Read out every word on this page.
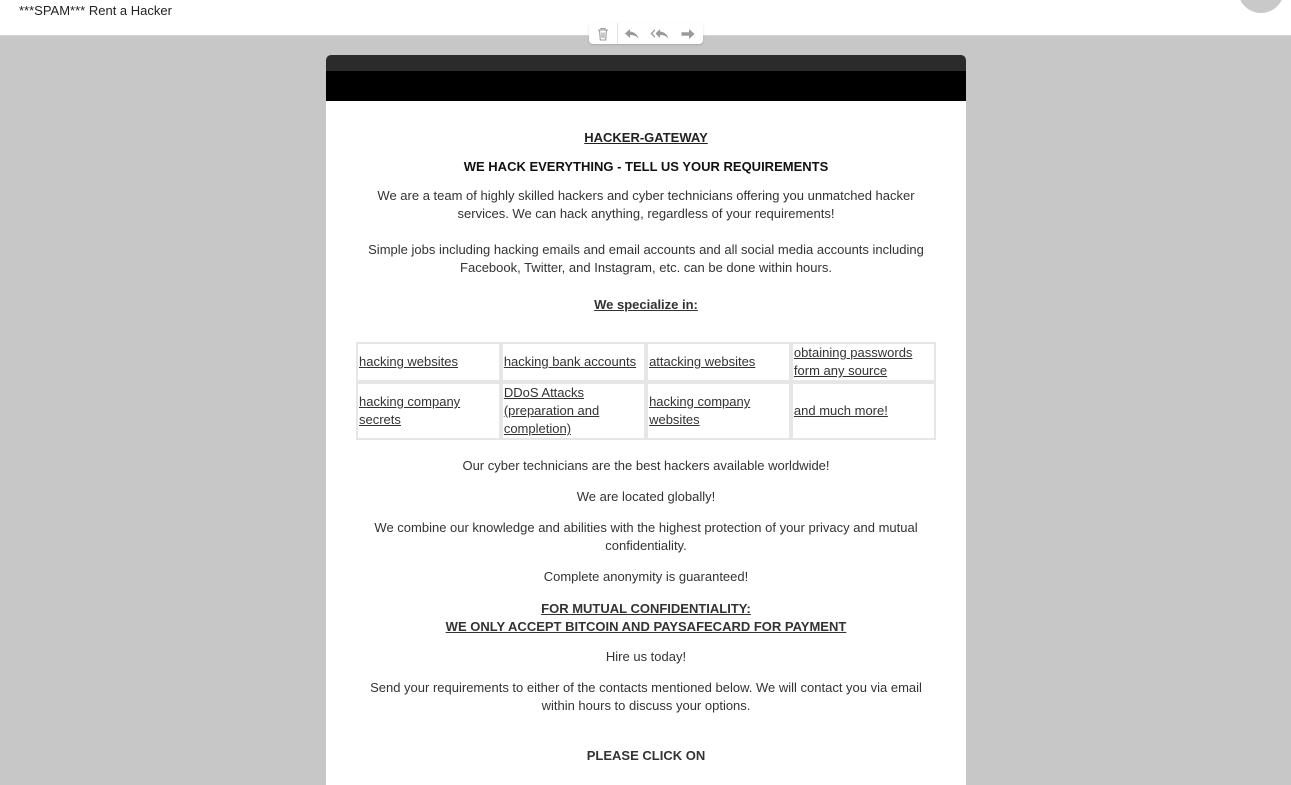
***SPAM*** Rent a Hacker
HACKER-GATEWAY
WE HACK EVERYTHING - TELL US YOUR REQUIREMENTS
We are a team of highly skilled hackers and cyber technicians offering you unmatched hacker
services. We can hack anything, regardless of your requirements!
Simple jobs including hacking emails and email accounts and all social media accounts including
Facebook, Twitter, and Instagram, etc. can be done within hours.
We specialize in:
hacking websites	hacking bank accounts	attacking websites	obtaining passwords form any source
hacking company secrets	DDoS Attacks (preparation and completion)	hacking company websites	and much more!
Our cyber technicians are the best hackers available worldwide!
We are located globally!
We combine our knowledge and abilities with the highest protection of your privacy and mutual
confidentiality.
Complete anonymity is guaranteed!
FOR MUTUAL CONFIDENTIALITY:
WE ONLY ACCEPT BITCOIN AND PAYSAFECARD FOR PAYMENT
Hire us today!
Send your requirements to either of the contacts mentioned below. We will contact you via email
within hours to discuss your options.
PLEASE CLICK ON
